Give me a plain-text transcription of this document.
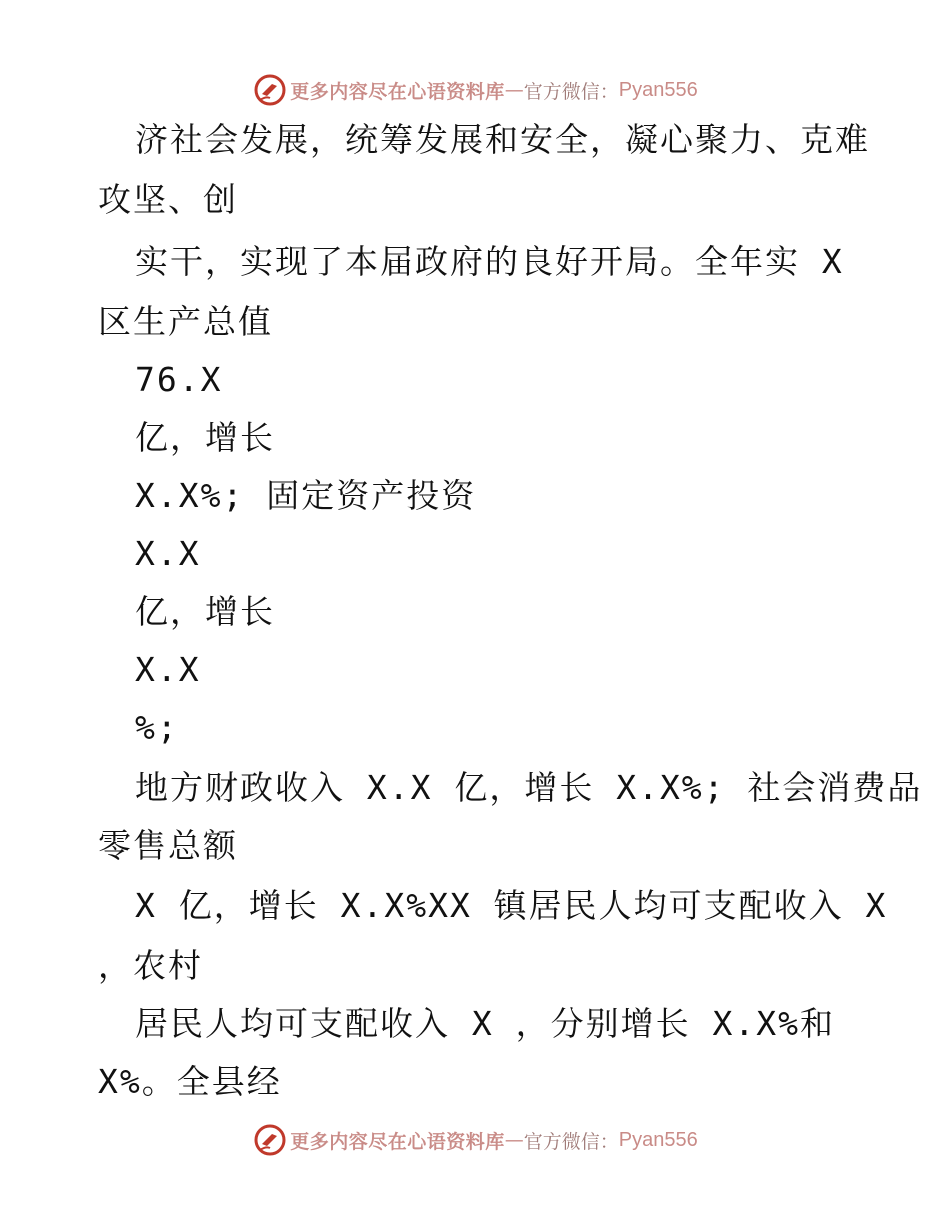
更多内容尽在心语资料库 — 官方微信： Pyan556
济社会发展，统筹发展和安全，凝心聚力、克难
攻坚、创
实干，实现了本届政府的良好开局。全年实 X
区生产总值
76.X
亿，增长
X.X%; 固定资产投资
X.X
亿，增长
X.X
%;
地方财政收入 X.X 亿，增长 X.X%; 社会消费品
零售总额
X 亿，增长 X.X%XX 镇居民人均可支配收入 X
，农村
居民人均可支配收入 X ，分别增长 X.X%和
X%。全县经
更多内容尽在心语资料库 — 官方微信： Pyan556
